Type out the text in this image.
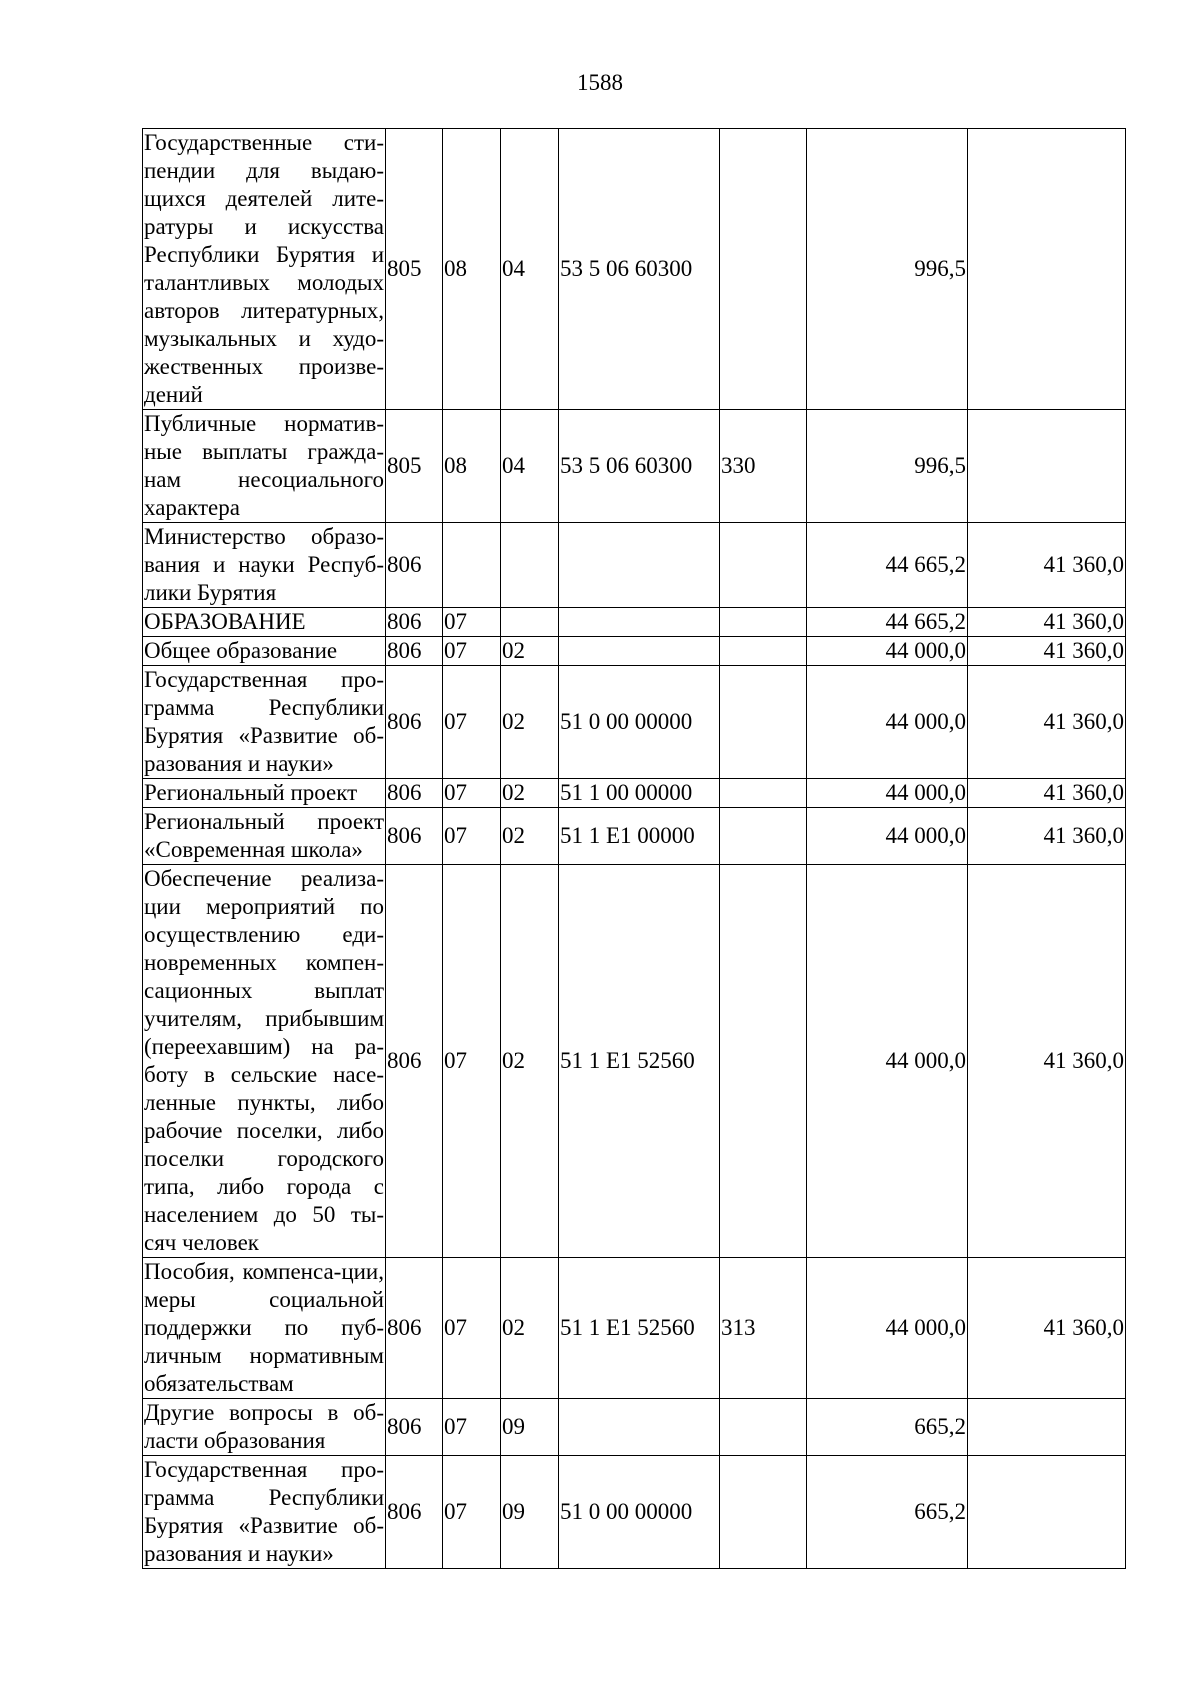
1588
Государственные сти-пендии для выдаю-щихся деятелей лите-ратуры и искусства Республики Бурятия и талантливых молодых авторов литературных, музыкальных и худо-жественных произве-дений	805	08	04	53 5 06 60300		996,5	
Публичные норматив-ные выплаты гражда-нам несоциального характера	805	08	04	53 5 06 60300	330	996,5	
Министерство образо-вания и науки Респуб-лики Бурятия	806					44 665,2	41 360,0
ОБРАЗОВАНИЕ	806	07				44 665,2	41 360,0
Общее образование	806	07	02			44 000,0	41 360,0
Государственная про-грамма Республики Бурятия «Развитие об-разования и науки»	806	07	02	51 0 00 00000		44 000,0	41 360,0
Региональный проект	806	07	02	51 1 00 00000		44 000,0	41 360,0
Региональный проект «Современная школа»	806	07	02	51 1 E1 00000		44 000,0	41 360,0
Обеспечение реализа-ции мероприятий по осуществлению еди-новременных компен-сационных выплат учителям, прибывшим (переехавшим) на ра-боту в сельские насе-ленные пункты, либо рабочие поселки, либо поселки городского типа, либо города с населением до 50 ты-сяч человек	806	07	02	51 1 E1 52560		44 000,0	41 360,0
Пособия, компенса-ции, меры социальной поддержки по пуб-личным нормативным обязательствам	806	07	02	51 1 E1 52560	313	44 000,0	41 360,0
Другие вопросы в об-ласти образования	806	07	09			665,2	
Государственная про-грамма Республики Бурятия «Развитие об-разования и науки»	806	07	09	51 0 00 00000		665,2	
